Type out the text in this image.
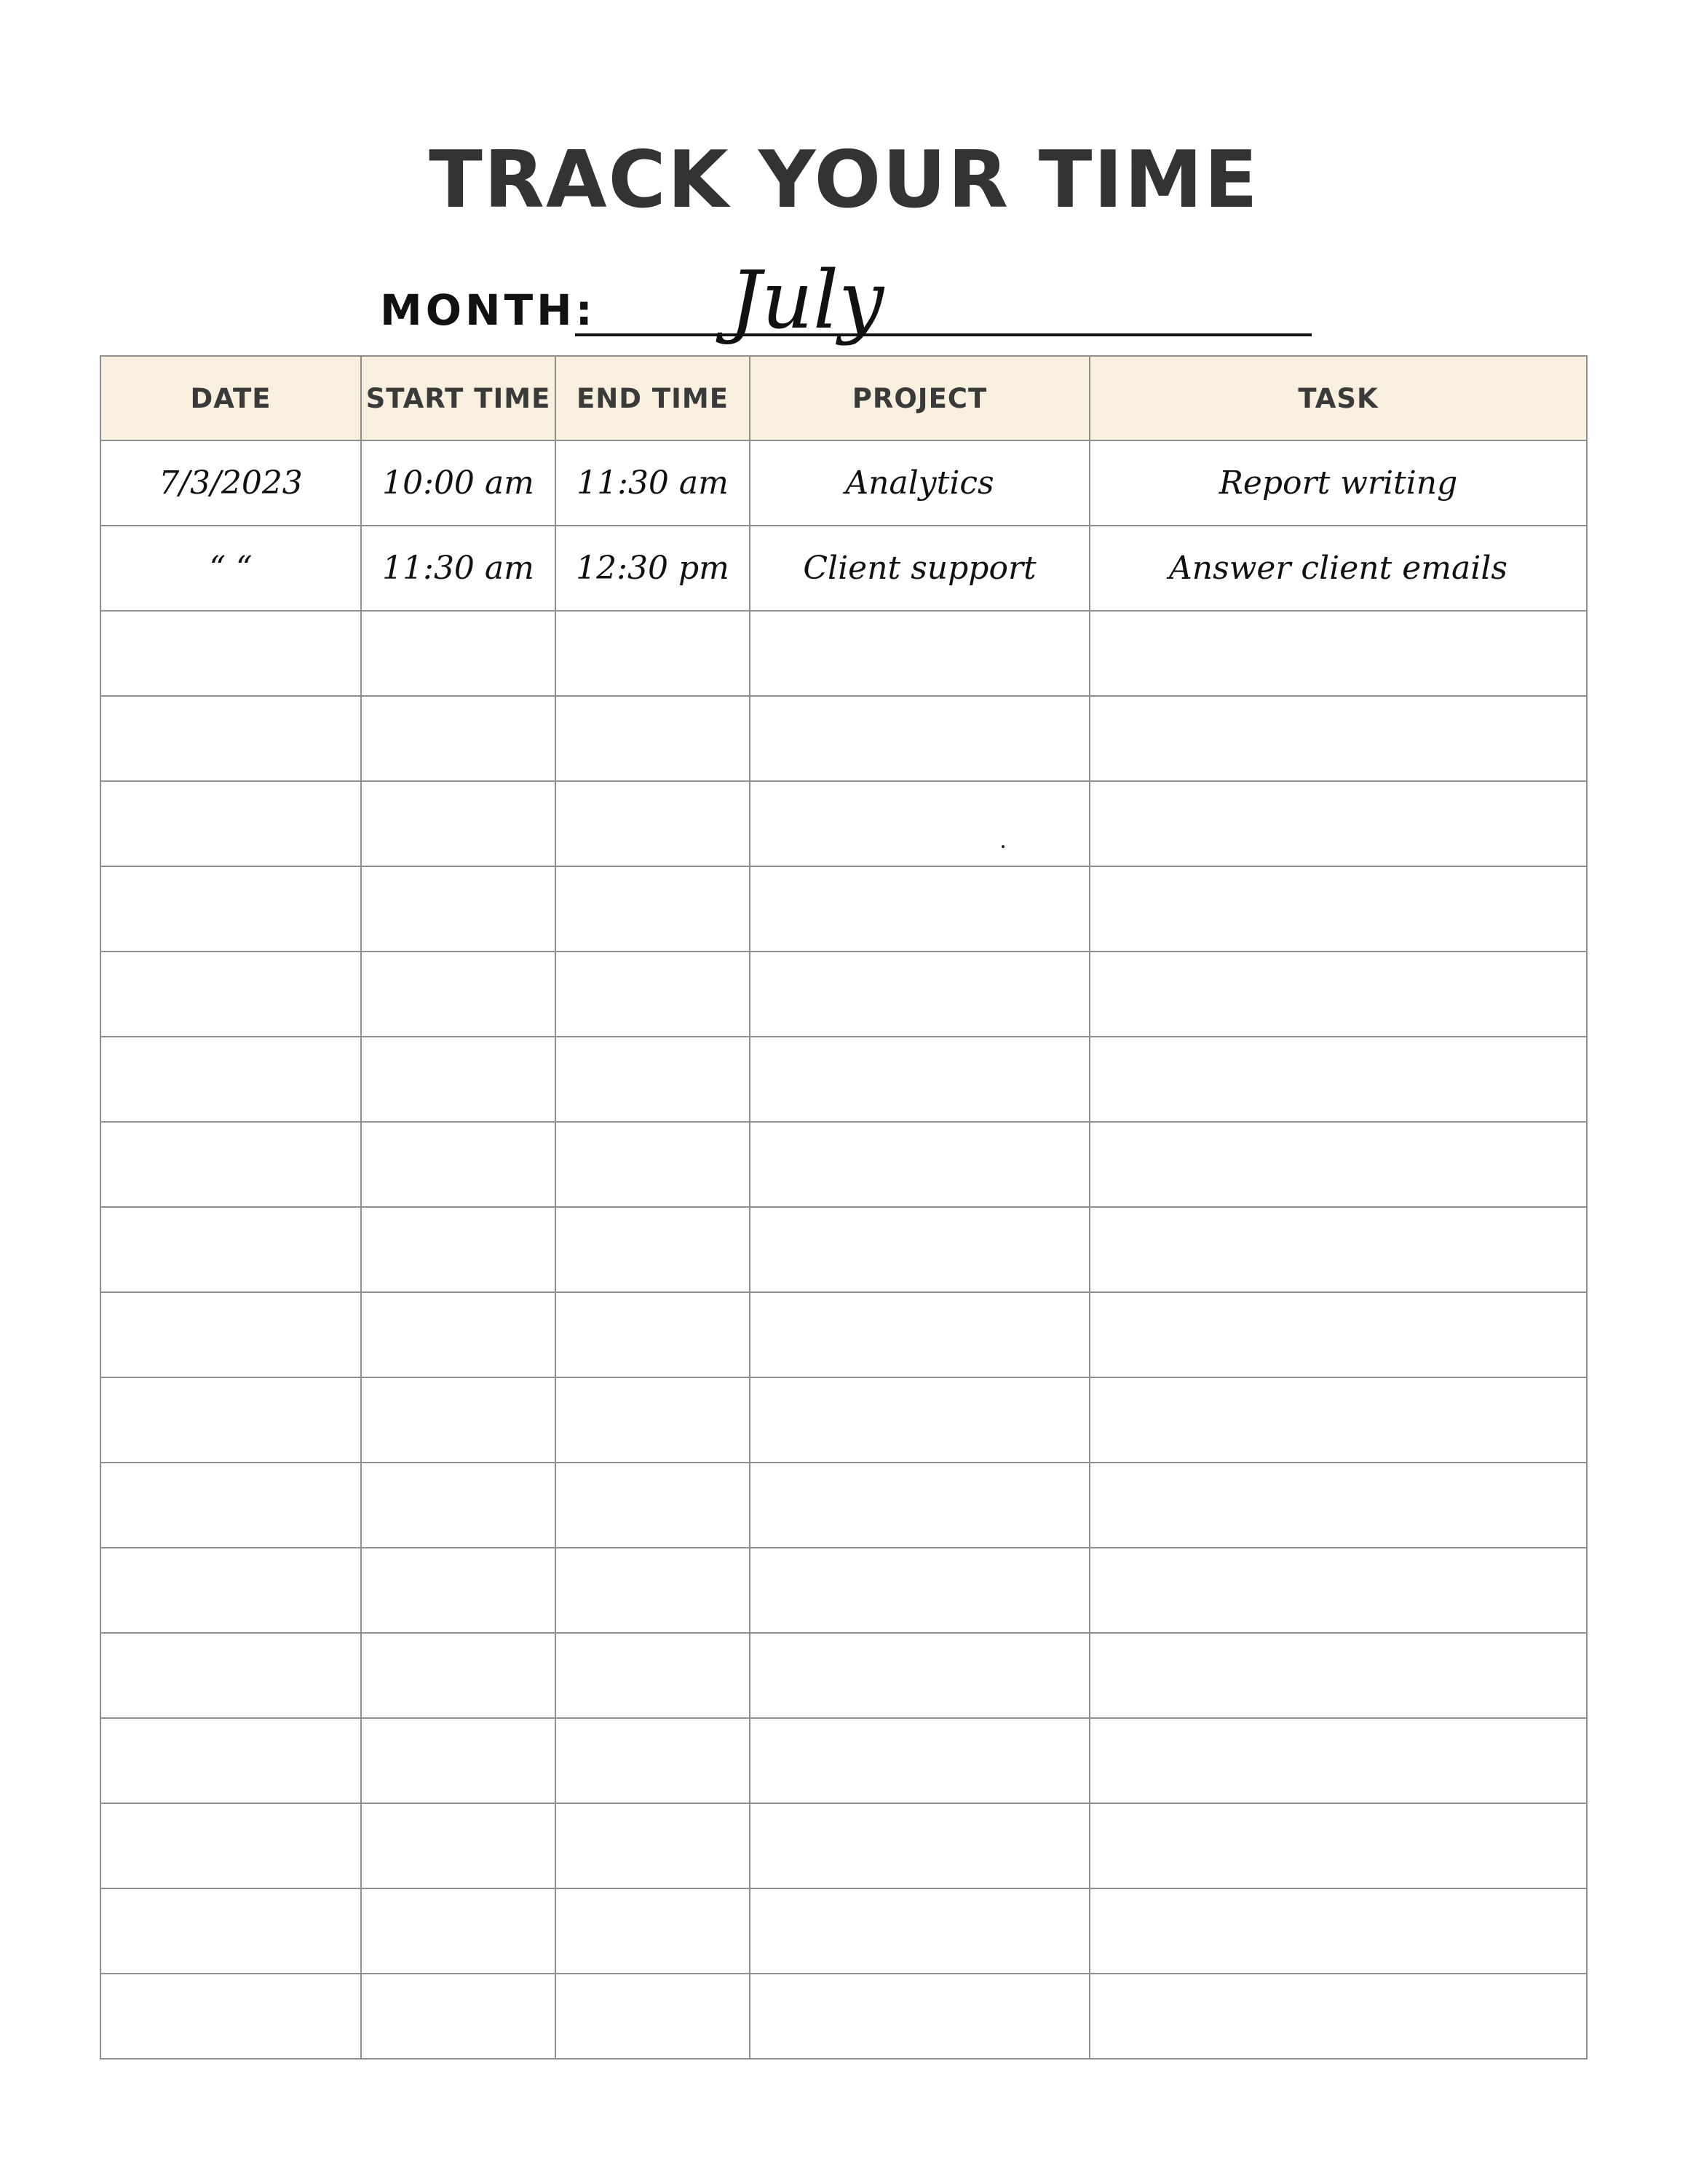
TRACK YOUR TIME
MONTH: July
DATE	START TIME	END TIME	PROJECT	TASK
7/3/2023	10:00 am	11:30 am	Analytics	Report writing
“ “	11:30 am	12:30 pm	Client support	Answer client emails
